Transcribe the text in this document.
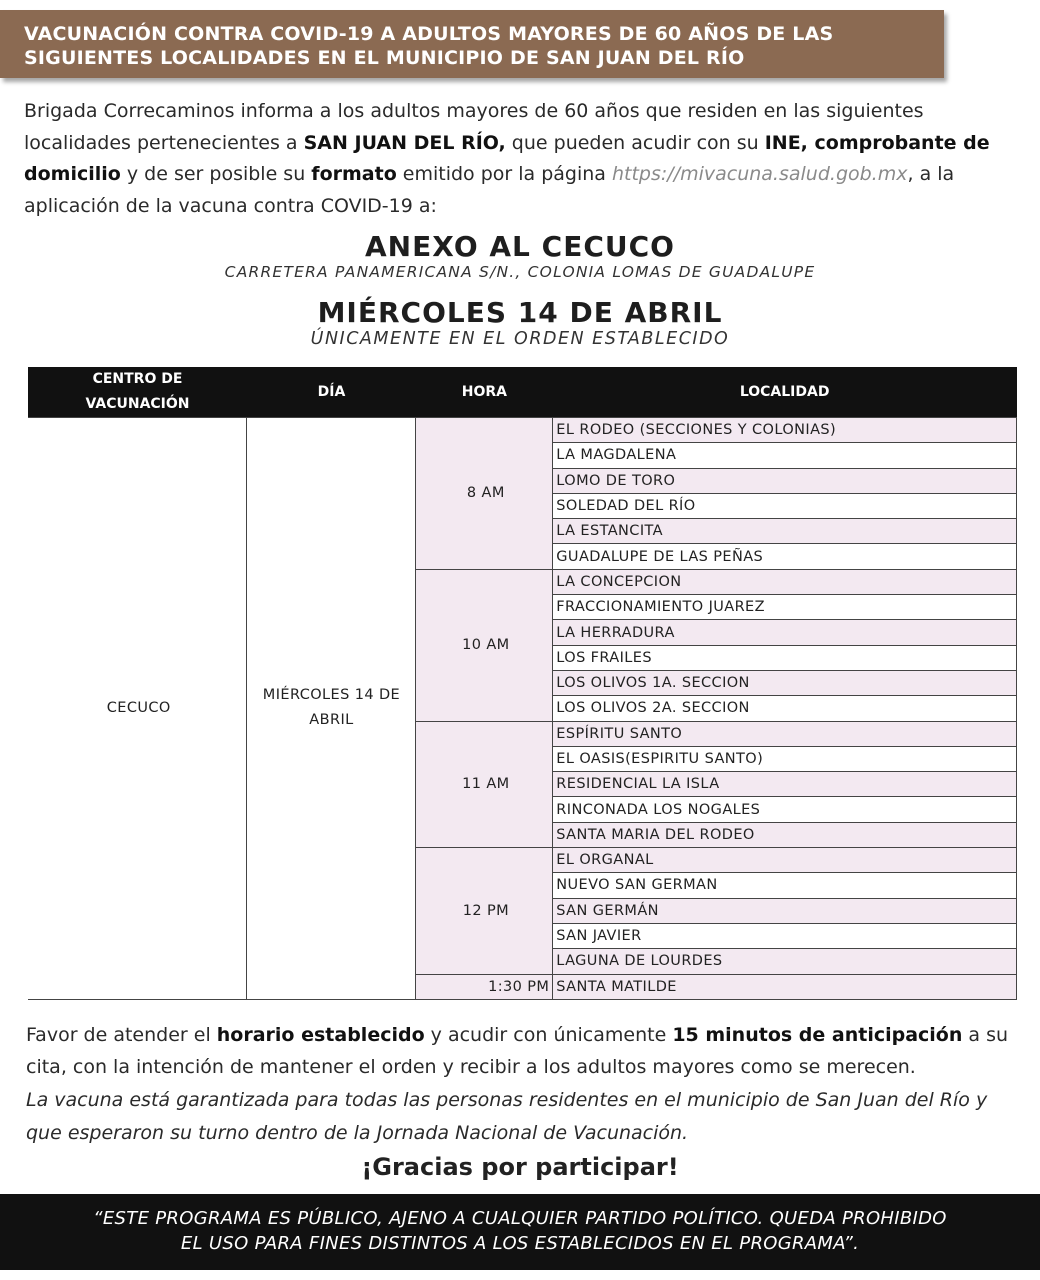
VACUNACIÓN CONTRA COVID-19 A ADULTOS MAYORES DE 60 AÑOS DE LAS
SIGUIENTES LOCALIDADES EN EL MUNICIPIO DE SAN JUAN DEL RÍO
Brigada Correcaminos informa a los adultos mayores de 60 años que residen en las siguientes localidades pertenecientes a SAN JUAN DEL RÍO, que pueden acudir con su INE, comprobante de domicilio y de ser posible su formato emitido por la página https://mivacuna.salud.gob.mx, a la aplicación de la vacuna contra COVID-19 a:
ANEXO AL CECUCO
CARRETERA PANAMERICANA S/N., COLONIA LOMAS DE GUADALUPE
MIÉRCOLES 14 DE ABRIL
ÚNICAMENTE EN EL ORDEN ESTABLECIDO
CENTRO DE VACUNACIÓN	DÍA	HORA	LOCALIDAD
CECUCO	MIÉRCOLES 14 DE ABRIL	8 AM	EL RODEO (SECCIONES Y COLONIAS)
			LA MAGDALENA
			LOMO DE TORO
			SOLEDAD DEL RÍO
			LA ESTANCITA
			GUADALUPE DE LAS PEÑAS
		10 AM	LA CONCEPCION
			FRACCIONAMIENTO JUAREZ
			LA HERRADURA
			LOS FRAILES
			LOS OLIVOS 1A. SECCION
			LOS OLIVOS 2A. SECCION
		11 AM	ESPÍRITU SANTO
			EL OASIS(ESPIRITU SANTO)
			RESIDENCIAL LA ISLA
			RINCONADA LOS NOGALES
			SANTA MARIA DEL RODEO
		12 PM	EL ORGANAL
			NUEVO SAN GERMAN
			SAN GERMÁN
			SAN JAVIER
			LAGUNA DE LOURDES
		1:30 PM	SANTA MATILDE
Favor de atender el horario establecido y acudir con únicamente 15 minutos de anticipación a su cita, con la intención de mantener el orden y recibir a los adultos mayores como se merecen.
La vacuna está garantizada para todas las personas residentes en el municipio de San Juan del Río y que esperaron su turno dentro de la Jornada Nacional de Vacunación.
¡Gracias por participar!
“ESTE PROGRAMA ES PÚBLICO, AJENO A CUALQUIER PARTIDO POLÍTICO. QUEDA PROHIBIDO
EL USO PARA FINES DISTINTOS A LOS ESTABLECIDOS EN EL PROGRAMA”.
